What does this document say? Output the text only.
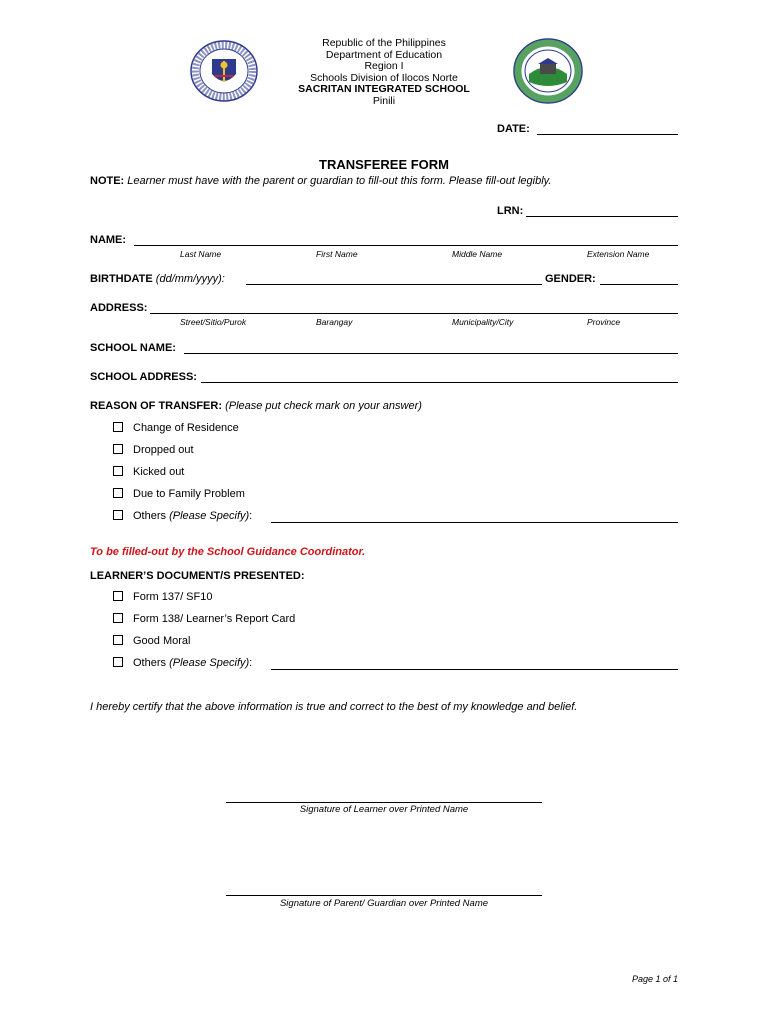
Republic of the Philippines
Department of Education
Region I
Schools Division of Ilocos Norte
SACRITAN INTEGRATED SCHOOL
Pinili
DATE:
TRANSFEREE FORM
NOTE: Learner must have with the parent or guardian to fill-out this form. Please fill-out legibly.
LRN:
NAME:
Last Name	First Name	Middle Name	Extension Name
BIRTHDATE (dd/mm/yyyy):	GENDER:
ADDRESS:
Street/Sitio/Purok	Barangay	Municipality/City	Province
SCHOOL NAME:
SCHOOL ADDRESS:
REASON OF TRANSFER: (Please put check mark on your answer)
Change of Residence
Dropped out
Kicked out
Due to Family Problem
Others (Please Specify):
To be filled-out by the School Guidance Coordinator.
LEARNER’S DOCUMENT/S PRESENTED:
Form 137/ SF10
Form 138/ Learner’s Report Card
Good Moral
Others (Please Specify):
I hereby certify that the above information is true and correct to the best of my knowledge and belief.
Signature of Learner over Printed Name
Signature of Parent/ Guardian over Printed Name
Page 1 of 1
